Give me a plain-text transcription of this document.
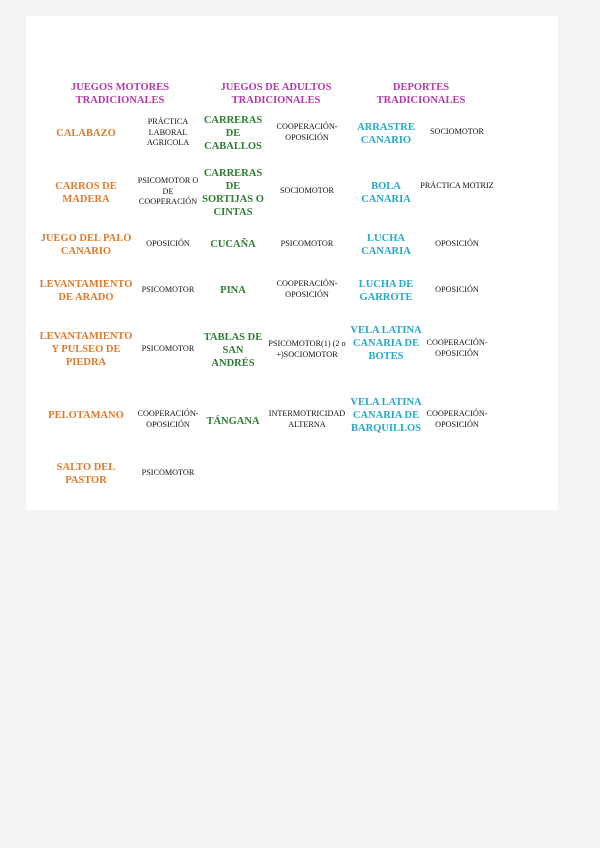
JUEGOS MOTORES TRADICIONALES
JUEGOS DE ADULTOS TRADICIONALES
DEPORTES TRADICIONALES
CALABAZO
PRÁCTICA LABORAL AGRICOLA
CARROS DE MADERA
PSICOMOTOR O DE COOPERACIÓN
JUEGO DEL PALO CANARIO
OPOSICIÓN
LEVANTAMIENTO DE ARADO
PSICOMOTOR
LEVANTAMIENTO Y PULSEO DE PIEDRA
PSICOMOTOR
PELOTAMANO	COOPERACIÓN-OPOSICIÓN
SALTO DEL PASTOR
PSICOMOTOR
CARRERAS DE CABALLOS
COOPERACIÓN-OPOSICIÓN
CARRERAS DE SORTIJAS O CINTAS
SOCIOMOTOR
CUCAÑA	PSICOMOTOR
PINA
COOPERACIÓN-OPOSICIÓN
TABLAS DE SAN ANDRÉS
PSICOMOTOR(1) (2 o +)SOCIOMOTOR
TÁNGANA
INTERMOTRICIDAD ALTERNA
ARRASTRE CANARIO
SOCIOMOTOR
BOLA CANARIA
PRÁCTICA MOTRIZ
LUCHA CANARIA
OPOSICIÓN
LUCHA DE GARROTE
OPOSICIÓN
VELA LATINA CANARIA DE BOTES
COOPERACIÓN-OPOSICIÓN
VELA LATINA CANARIA DE BARQUILLOS
COOPERACIÓN-OPOSICIÓN
